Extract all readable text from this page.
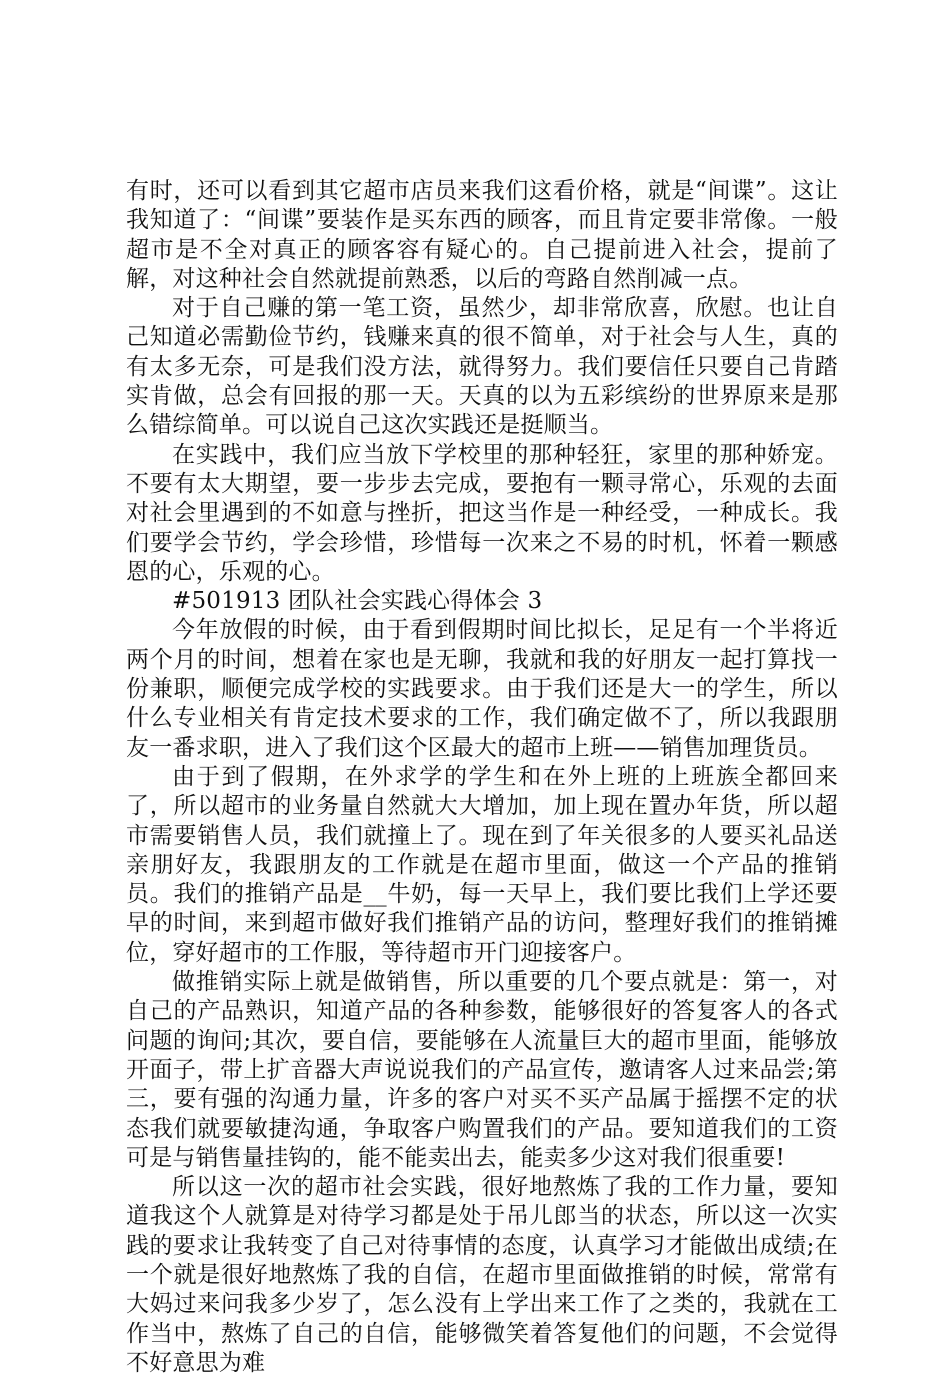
有时，还可以看到其它超市店员来我们这看价格，就是“间谍”。这让我知道了：“间谍”要装作是买东西的顾客，而且肯定要非常像。一般超市是不全对真正的顾客容有疑心的。自己提前进入社会，提前了解，对这种社会自然就提前熟悉，以后的弯路自然削减一点。

对于自己赚的第一笔工资，虽然少，却非常欣喜，欣慰。也让自己知道必需勤俭节约，钱赚来真的很不简单，对于社会与人生，真的有太多无奈，可是我们没方法，就得努力。我们要信任只要自己肯踏实肯做，总会有回报的那一天。天真的以为五彩缤纷的世界原来是那么错综简单。可以说自己这次实践还是挺顺当。

在实践中，我们应当放下学校里的那种轻狂，家里的那种娇宠。不要有太大期望，要一步步去完成，要抱有一颗寻常心，乐观的去面对社会里遇到的不如意与挫折，把这当作是一种经受，一种成长。我们要学会节约，学会珍惜，珍惜每一次来之不易的时机，怀着一颗感恩的心，乐观的心。

#501913 团队社会实践心得体会 3

今年放假的时候，由于看到假期时间比拟长，足足有一个半将近两个月的时间，想着在家也是无聊，我就和我的好朋友一起打算找一份兼职，顺便完成学校的实践要求。由于我们还是大一的学生，所以什么专业相关有肯定技术要求的工作，我们确定做不了，所以我跟朋友一番求职，进入了我们这个区最大的超市上班——销售加理货员。

由于到了假期，在外求学的学生和在外上班的上班族全都回来了，所以超市的业务量自然就大大增加，加上现在置办年货，所以超市需要销售人员，我们就撞上了。现在到了年关很多的人要买礼品送亲朋好友，我跟朋友的工作就是在超市里面，做这一个产品的推销员。我们的推销产品是__牛奶，每一天早上，我们要比我们上学还要早的时间，来到超市做好我们推销产品的访问，整理好我们的推销摊位，穿好超市的工作服，等待超市开门迎接客户。

做推销实际上就是做销售，所以重要的几个要点就是：第一，对自己的产品熟识，知道产品的各种参数，能够很好的答复客人的各式问题的询问;其次，要自信，要能够在人流量巨大的超市里面，能够放开面子，带上扩音器大声说说我们的产品宣传，邀请客人过来品尝;第三，要有强的沟通力量，许多的客户对买不买产品属于摇摆不定的状态我们就要敏捷沟通，争取客户购置我们的产品。要知道我们的工资可是与销售量挂钩的，能不能卖出去，能卖多少这对我们很重要!

所以这一次的超市社会实践，很好地熬炼了我的工作力量，要知道我这个人就算是对待学习都是处于吊儿郎当的状态，所以这一次实践的要求让我转变了自己对待事情的态度，认真学习才能做出成绩;在一个就是很好地熬炼了我的自信，在超市里面做推销的时候，常常有大妈过来问我多少岁了，怎么没有上学出来工作了之类的，我就在工作当中，熬炼了自己的自信，能够微笑着答复他们的问题，不会觉得不好意思为难
